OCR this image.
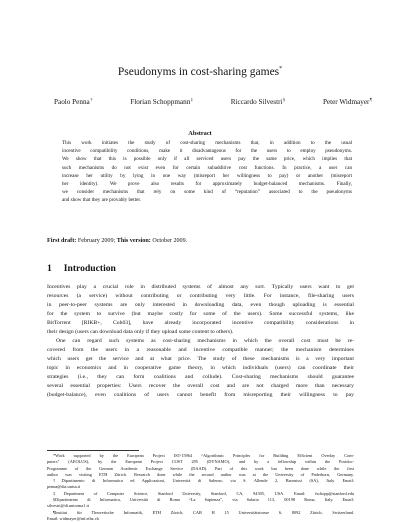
Pseudonyms in cost-sharing games*
Paolo Penna†	Florian Schoppmann‡	Riccardo Silvestri§	Peter Widmayer¶
Abstract
This work initiates the study of cost-sharing mechanisms that, in addition to the usual
incentive compatibility conditions, make it disadvantageous for the users to employ pseudonyms.
We show that this is possible only if all serviced users pay the same price, which implies that
such mechanisms do not exist even for certain subadditive cost functions. In practice, a user can
increase her utility by lying in one way (misreport her willingness to pay) or another (misreport
her identity). We prove also results for approximately budget-balanced mechanisms. Finally,
we consider mechanisms that rely on some kind of “reputation” associated to the pseudonyms
and show that they are provably better.
First draft: February 2009; This version: October 2009.
1 Introduction
Incentives play a crucial role in distributed systems of almost any sort. Typically users want to get
resources (a service) without contributing or contributing very little. For instance, file-sharing users
in peer-to-peer systems are only interested in downloading data, even though uploading is essential
for the system to survive (but maybe costly for some of the users). Some successful systems, like
BitTorrent [RIKB+, Coh03], have already incorporated incentive compatibility considerations in
their design (users can download data only if they upload some content to others).
One can regard such systems as cost-sharing mechanisms in which the overall cost must be re-
covered from the users in a reasonable and incentive compatible manner; the mechanism determines
which users get the service and at what price. The study of these mechanisms is a very important
topic in economics and in cooperative game theory, in which individuals (users) can coordinate their
strategies (i.e., they can form coalitions and collude). Cost-sharing mechanisms should guarantee
several essential properties: Users recover the overall cost and are not charged more than necessary
(budget-balance), even coalitions of users cannot benefit from misreporting their willingness to pay
*Work supported by the European Project IST-15964 “Algorithmic Principles for Building Efficient Overlay Com-
puters” (AEOLUS), by the European Project COST 295 (DYNAMO), and by a fellowship within the Postdoc-
Programme of the German Academic Exchange Service (DAAD). Part of this work has been done while the first
author was visiting ETH Zürich. Research done while the second author was at the University of Paderborn, Germany.
†Dipartimento di Informatica ed Applicazioni, Università di Salerno, via S. Allende 2, Baronissi (SA), Italy. Email:
penna@dia.unisa.it
‡Department of Computer Science, Stanford University, Stanford, CA, 94305, USA. Email: fschopp@stanford.edu
§Dipartimento di Informatica, Università di Roma “La Sapienza”, via Salaria 113, 00198 Roma, Italy. Email:
silvestri@di.uniroma1.it
¶Institut für Theoretische Informatik, ETH Zürich, CAB H 15 Universitätstrasse 6, 8092 Zürich, Switzerland.
Email: widmayer@inf.ethz.ch
